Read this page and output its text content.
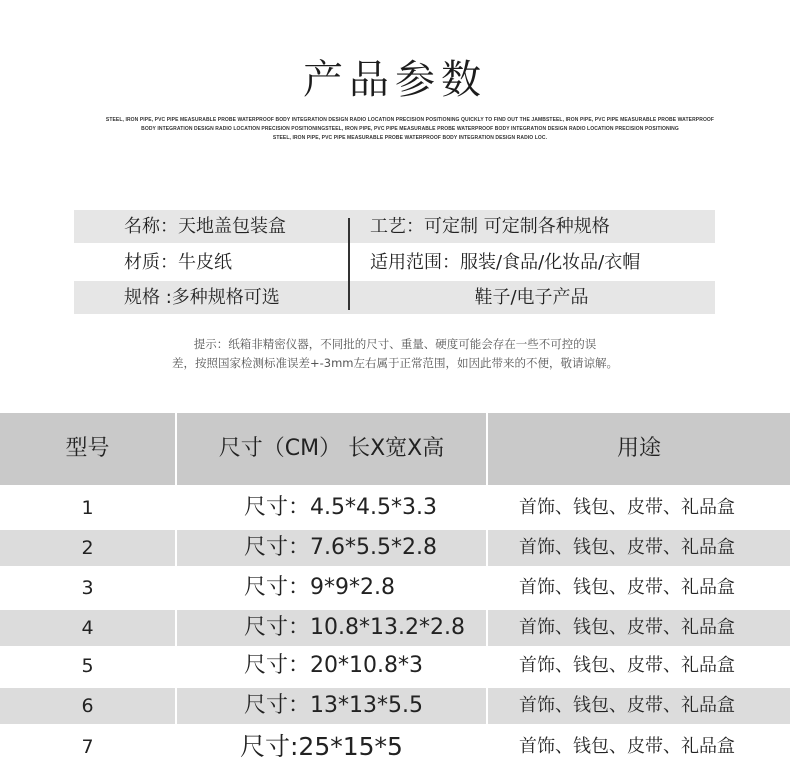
产品参数
STEEL, IRON PIPE, PVC PIPE MEASURABLE PROBE WATERPROOF BODY INTEGRATION DESIGN RADIO LOCATION PRECISION POSITIONING QUICKLY TO FIND OUT THE JAMBSTEEL, IRON PIPE, PVC PIPE MEASURABLE PROBE WATERPROOF
BODY INTEGRATION DESIGN RADIO LOCATION PRECISION POSITIONINGSTEEL, IRON PIPE, PVC PIPE MEASURABLE PROBE WATERPROOF BODY INTEGRATION DESIGN RADIO LOCATION PRECISION POSITIONING
STEEL, IRON PIPE, PVC PIPE MEASURABLE PROBE WATERPROOF BODY INTEGRATION DESIGN RADIO LOC.
名称：天地盖包装盒	工艺：可定制 可定制各种规格
材质：牛皮纸	适用范围：服装/食品/化妆品/衣帽
规格 :多种规格可选	鞋子/电子产品
提示：纸箱非精密仪器，不同批的尺寸、重量、硬度可能会存在一些不可控的误
差，按照国家检测标准误差+-3mm左右属于正常范围，如因此带来的不便，敬请谅解。
型号	尺寸（CM） 长X宽X高	用途
1	尺寸：4.5*4.5*3.3	首饰、钱包、皮带、礼品盒
2	尺寸：7.6*5.5*2.8	首饰、钱包、皮带、礼品盒
3	尺寸：9*9*2.8	首饰、钱包、皮带、礼品盒
4	尺寸：10.8*13.2*2.8	首饰、钱包、皮带、礼品盒
5	尺寸：20*10.8*3	首饰、钱包、皮带、礼品盒
6	尺寸：13*13*5.5	首饰、钱包、皮带、礼品盒
7	尺寸:25*15*5	首饰、钱包、皮带、礼品盒
